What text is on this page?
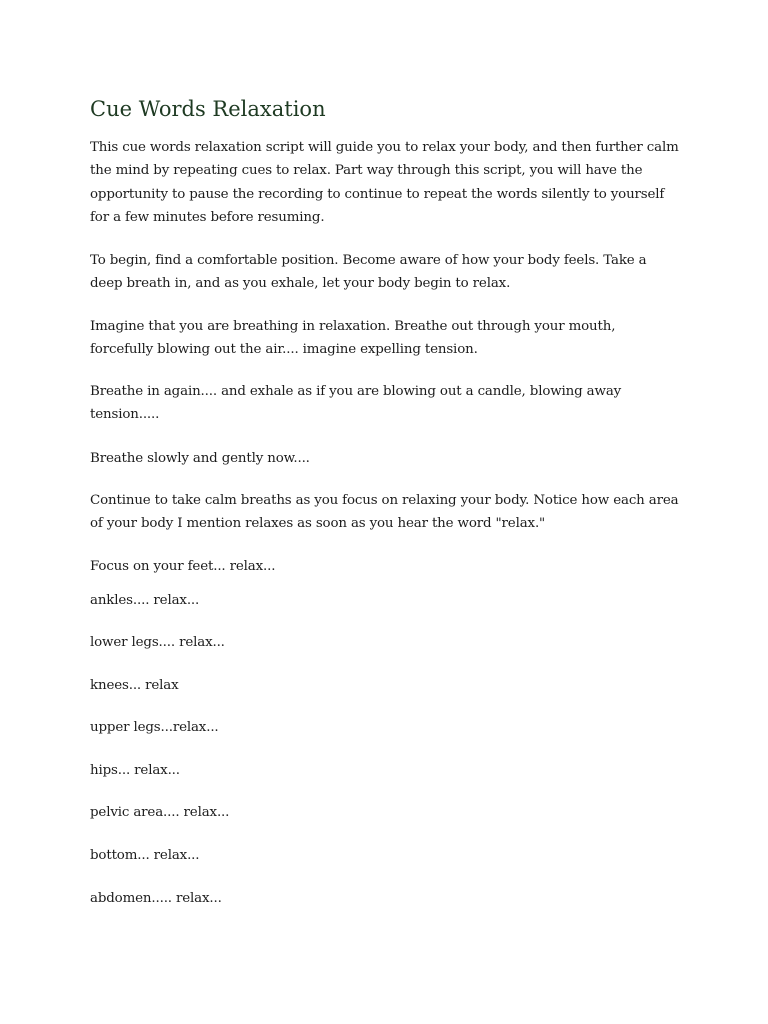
Cue Words Relaxation
This cue words relaxation script will guide you to relax your body, and then further calm
the mind by repeating cues to relax. Part way through this script, you will have the
opportunity to pause the recording to continue to repeat the words silently to yourself
for a few minutes before resuming.
To begin, find a comfortable position. Become aware of how your body feels. Take a
deep breath in, and as you exhale, let your body begin to relax.
Imagine that you are breathing in relaxation. Breathe out through your mouth,
forcefully blowing out the air.... imagine expelling tension.
Breathe in again.... and exhale as if you are blowing out a candle, blowing away
tension.....
Breathe slowly and gently now....
Continue to take calm breaths as you focus on relaxing your body. Notice how each area
of your body I mention relaxes as soon as you hear the word "relax."
Focus on your feet... relax...
ankles.... relax...
lower legs.... relax...
knees... relax
upper legs...relax...
hips... relax...
pelvic area.... relax...
bottom... relax...
abdomen..... relax...
